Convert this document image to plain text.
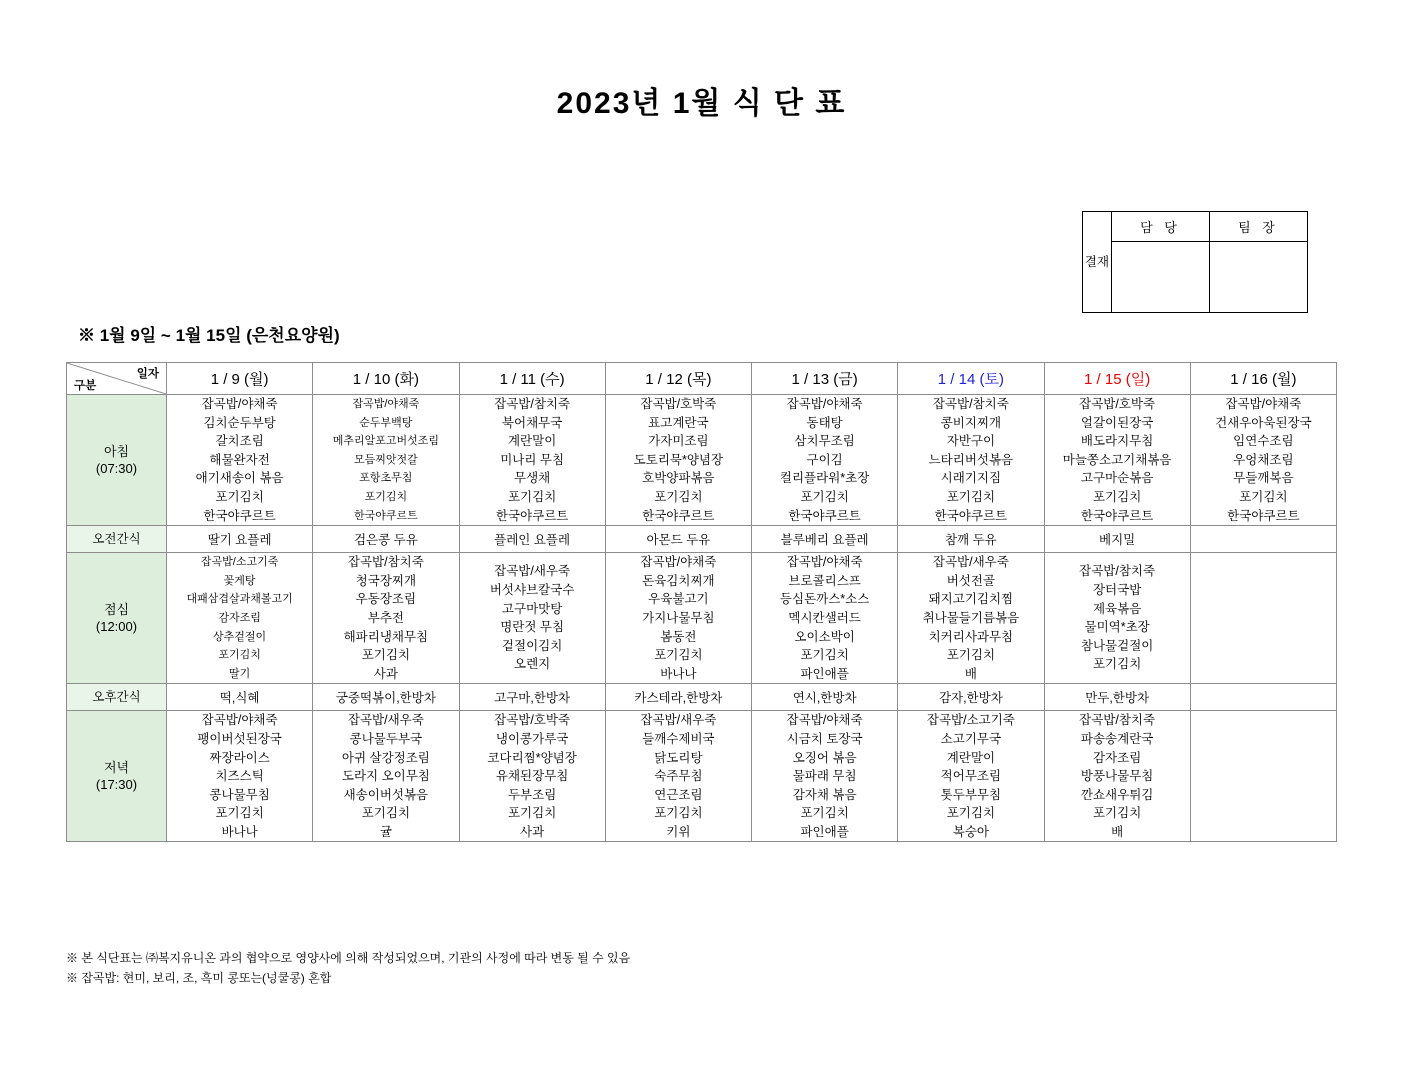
2023년 1월 식 단 표
결재	담 당	팀 장

※ 1월 9일 ~ 1월 15일 (은천요양원)
일자
구분	1 / 9 (월)	1 / 10 (화)	1 / 11 (수)	1 / 12 (목)	1 / 13 (금)	1 / 14 (토)	1 / 15 (일)	1 / 16 (월)

아침
(07:30)
	잡곡밥/야채죽
김치순두부탕
갈치조림
해물완자전
애기새송이 볶음
포기김치
한국야쿠르트	잡곡밥/야채죽
순두부백탕
메추리알포고버섯조림
모듬찌앗젓갈
포항초무침
포기김치
한국야쿠르트	잡곡밥/참치죽
북어채무국
계란말이
미나리 무침
무생채
포기김치
한국야쿠르트	잡곡밥/호박죽
표고계란국
가자미조림
도토리묵*양념장
호박양파볶음
포기김치
한국야쿠르트	잡곡밥/야채죽
동태탕
삼치무조림
구이김
컬리플라워*초장
포기김치
한국야쿠르트	잡곡밥/참치죽
콩비지찌개
자반구이
느타리버섯볶음
시래기지짐
포기김치
한국야쿠르트	잡곡밥/호박죽
얼갈이된장국
배도라지무침
마늘쫑소고기채볶음
고구마순볶음
포기김치
한국야쿠르트	잡곡밥/야채죽
건새우아욱된장국
임연수조림
우엉채조림
무들깨복음
포기김치
한국야쿠르트
오전간식	딸기 요플레	검은콩 두유	플레인 요플레	아몬드 두유	블루베리 요플레	참깨 두유	베지밀	

점심
(12:00)
	잡곡밥/소고기죽
꽃게탕
대패삼겹살과채볼고기
감자조림
상추겉절이
포기김치
딸기	잡곡밥/참치죽
청국장찌개
우동장조림
부추전
해파리냉채무침
포기김치
사과	잡곡밥/새우죽
버섯샤브칼국수
고구마맛탕
명란젓 무침
겉절이김치
오렌지	잡곡밥/야채죽
돈육김치찌개
우육불고기
가지나물무침
봄동전
포기김치
바나나	잡곡밥/야채죽
브로콜리스프
등심돈까스*소스
멕시칸샐러드
오이소박이
포기김치
파인애플	잡곡밥/새우죽
버섯전골
돼지고기김치찜
취나물들기름볶음
치커리사과무침
포기김치
배	잡곡밥/참치죽
장터국밥
제육볶음
물미역*초장
참나물겉절이
포기김치	
오후간식	떡,식혜	궁중떡볶이,한방차	고구마,한방차	카스테라,한방차	연시,한방차	감자,한방차	만두,한방차	

저녁
(17:30)
	잡곡밥/야채죽
팽이버섯된장국
짜장라이스
치즈스틱
콩나물무침
포기김치
바나나	잡곡밥/새우죽
콩나물두부국
아귀 살강정조림
도라지 오이무침
새송이버섯볶음
포기김치
귤	잡곡밥/호박죽
냉이콩가루국
코다리찜*양념장
유채된장무침
두부조림
포기김치
사과	잡곡밥/새우죽
들깨수제비국
닭도리탕
숙주무침
연근조림
포기김치
키위	잡곡밥/야채죽
시금치 토장국
오징어 볶음
물파래 무침
감자채 볶음
포기김치
파인애플	잡곡밥/소고기죽
소고기무국
계란말이
적어무조림
톳두부무침
포기김치
복숭아	잡곡밥/참치죽
파송송계란국
감자조림
방풍나물무침
깐쇼새우튀김
포기김치
배	
※ 본 식단표는 ㈜복지유니온 과의 협약으로 영양사에 의해 작성되었으며, 기관의 사정에 따라 변동 될 수 있음
※ 잡곡밥: 현미, 보리, 조, 흑미 콩또는(넝쿨콩) 혼합
